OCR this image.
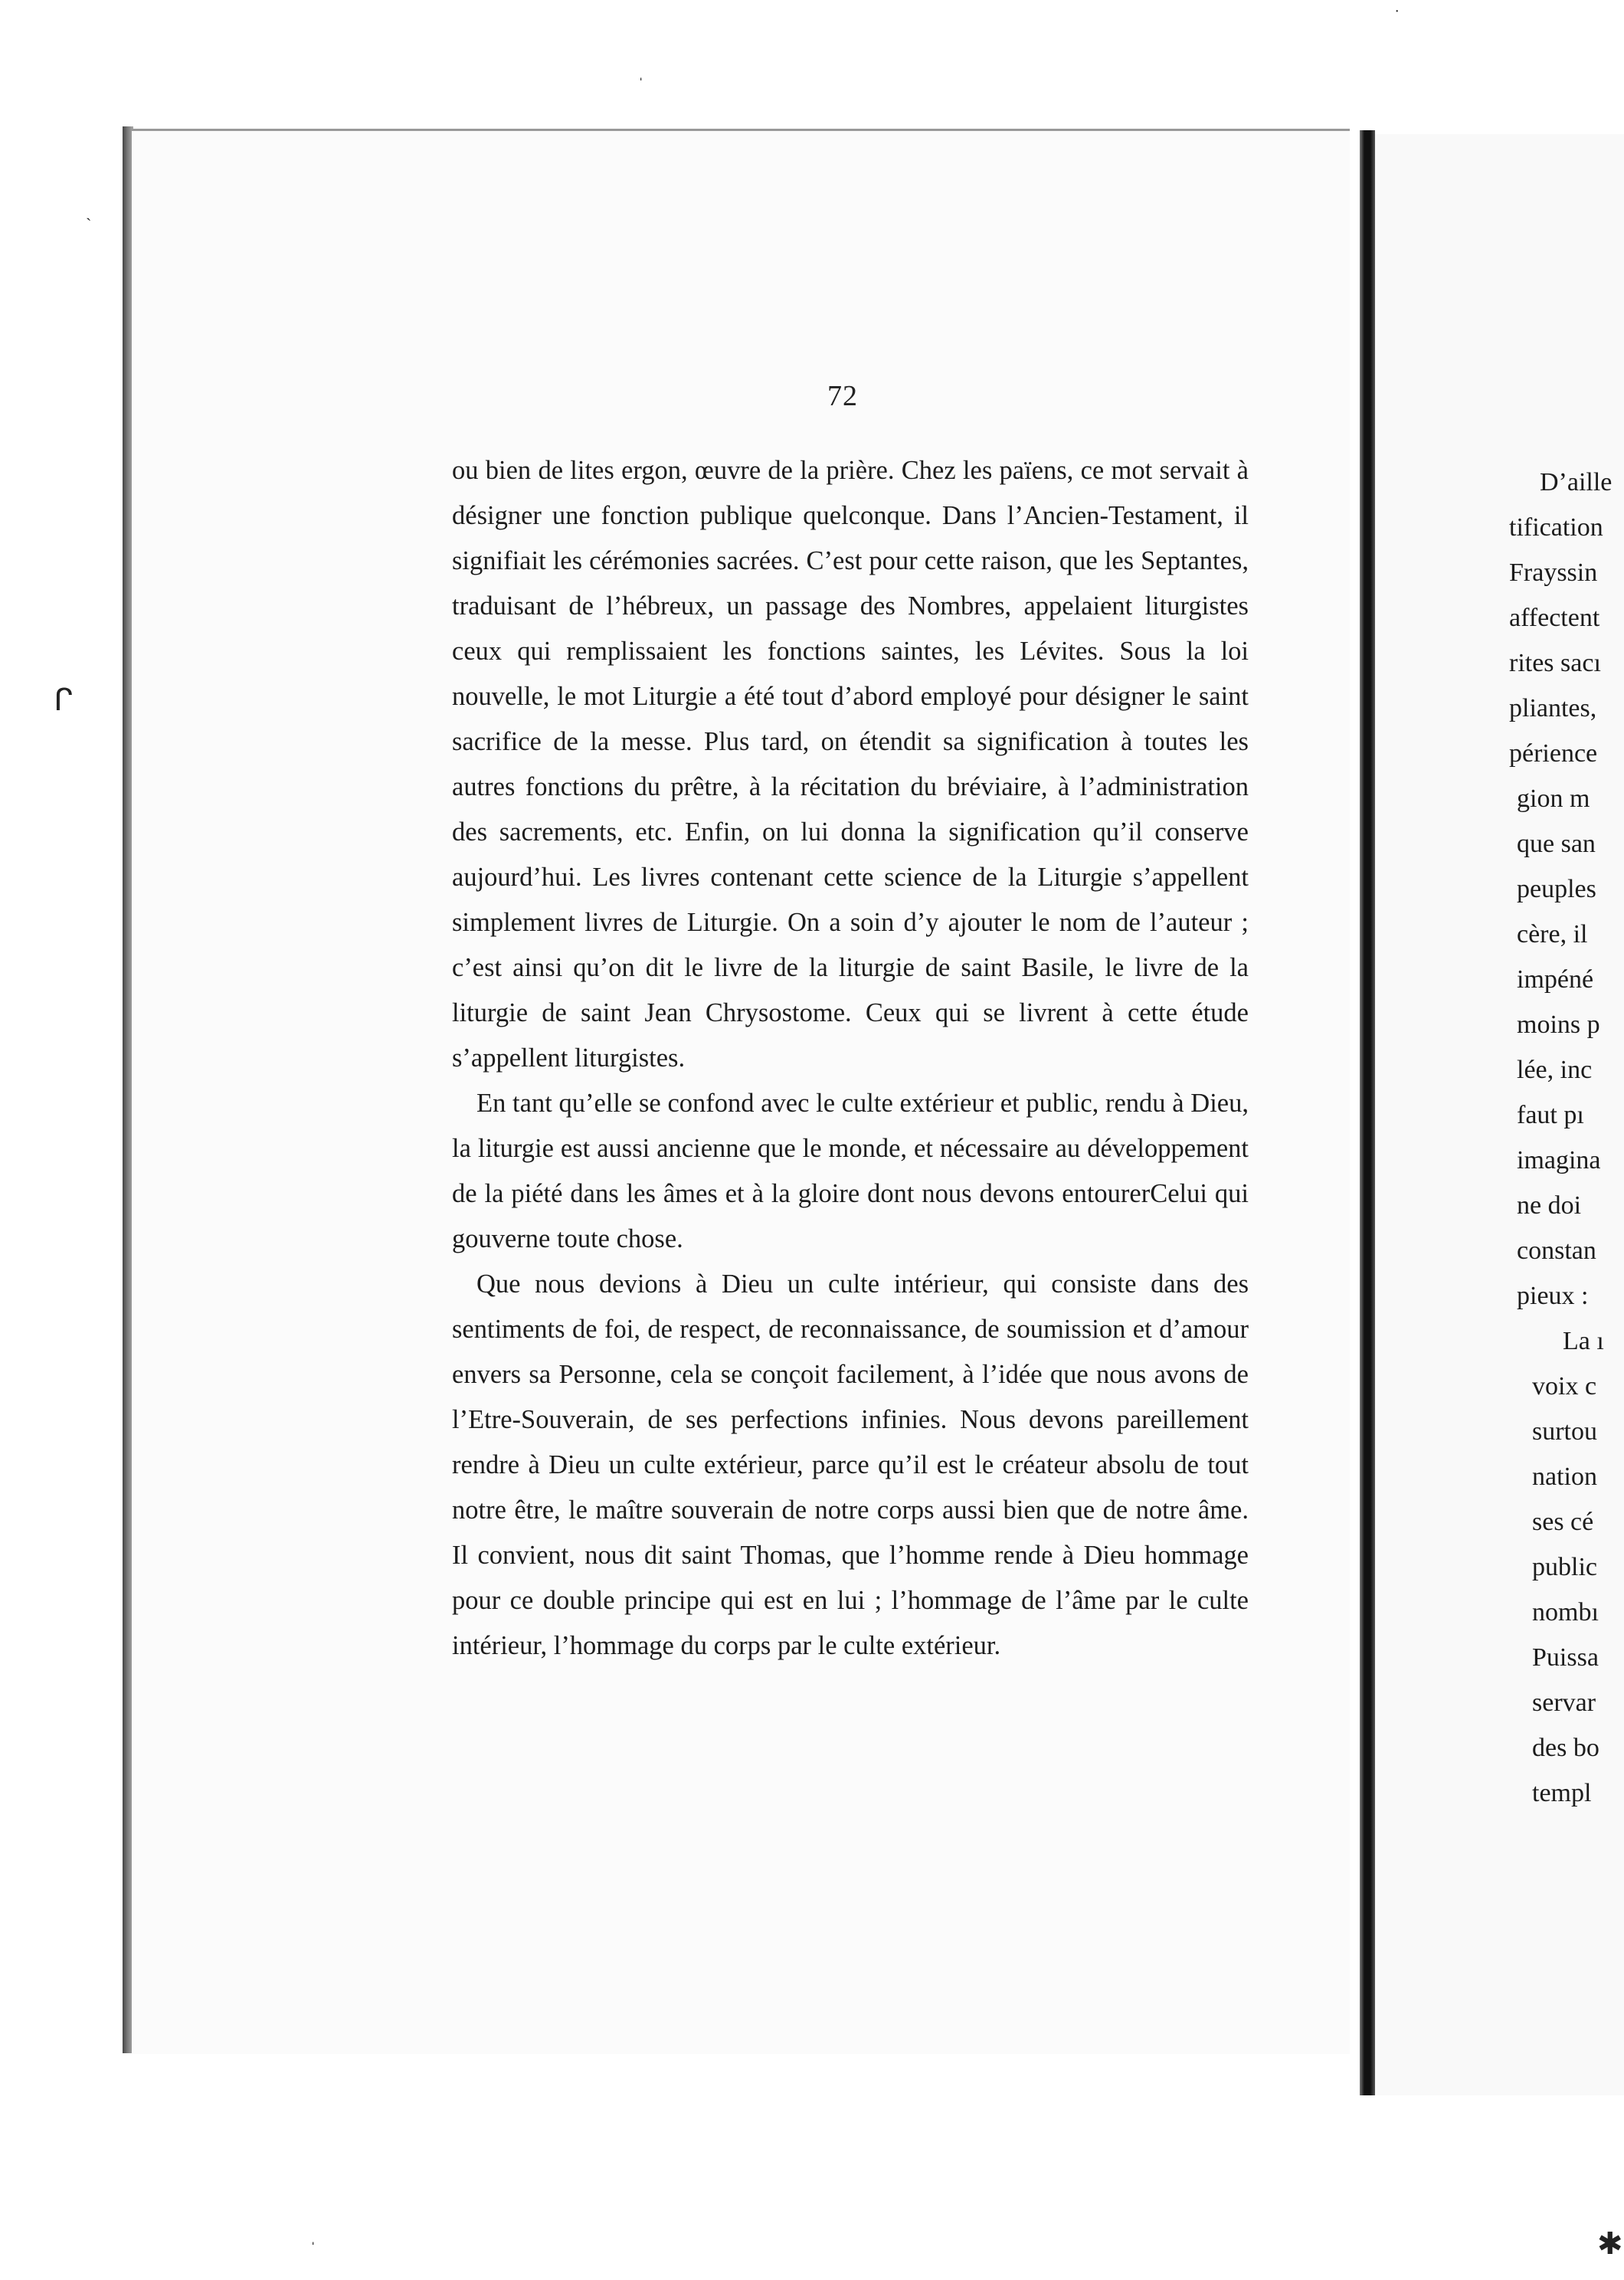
˙
ˌ
`
ᒋ
ˌ	✱
72

ou bien de lites ergon, œuvre de la prière. Chez les païens, ce mot servait à désigner une fonction publique quelconque. Dans l’Ancien-Testament, il signifiait les cérémonies sacrées. C’est pour cette raison, que les Septantes, traduisant de l’hébreux, un passage des Nombres, appelaient liturgistes ceux qui remplissaient les fonctions saintes, les Lévites. Sous la loi nouvelle, le mot Liturgie a été tout d’abord employé pour désigner le saint sacrifice de la messe. Plus tard, on étendit sa signification à toutes les autres fonctions du prêtre, à la récitation du bréviaire, à l’administration des sacrements, etc. Enfin, on lui donna la signification qu’il conserve aujourd’hui. Les livres contenant cette science de la Liturgie s’appellent simplement livres de Liturgie. On a soin d’y ajouter le nom de l’auteur ; c’est ainsi qu’on dit le livre de la liturgie de saint Basile, le livre de la liturgie de saint Jean Chrysostome. Ceux qui se livrent à cette étude s’appellent liturgistes.

En tant qu’elle se confond avec le culte extérieur et public, rendu à Dieu, la liturgie est aussi ancienne que le monde, et nécessaire au développement de la piété dans les âmes et à la gloire dont nous devons entourerCelui qui gouverne toute chose.

Que nous devions à Dieu un culte intérieur, qui consiste dans des sentiments de foi, de respect, de reconnaissance, de soumission et d’amour envers sa Personne, cela se conçoit facilement, à l’idée que nous avons de l’Etre-Souverain, de ses perfections infinies. Nous devons pareillement rendre à Dieu un culte extérieur, parce qu’il est le créateur absolu de tout notre être, le maître souverain de notre corps aussi bien que de notre âme. Il convient, nous dit saint Thomas, que l’homme rende à Dieu hommage pour ce double principe qui est en lui ; l’hommage de l’âme par le culte intérieur, l’hommage du corps par le culte extérieur.

D’aille
tification
Frayssin
affectent
rites sacı
pliantes,
périence
gion m
que san
peuples
cère, il
impéné
moins p
lée, inc
faut pı
imagina
ne doi
constan
pieux :
La ı
voix c
surtou
nation
ses cé
public
nombı
Puissa
servar
des bo
templ
